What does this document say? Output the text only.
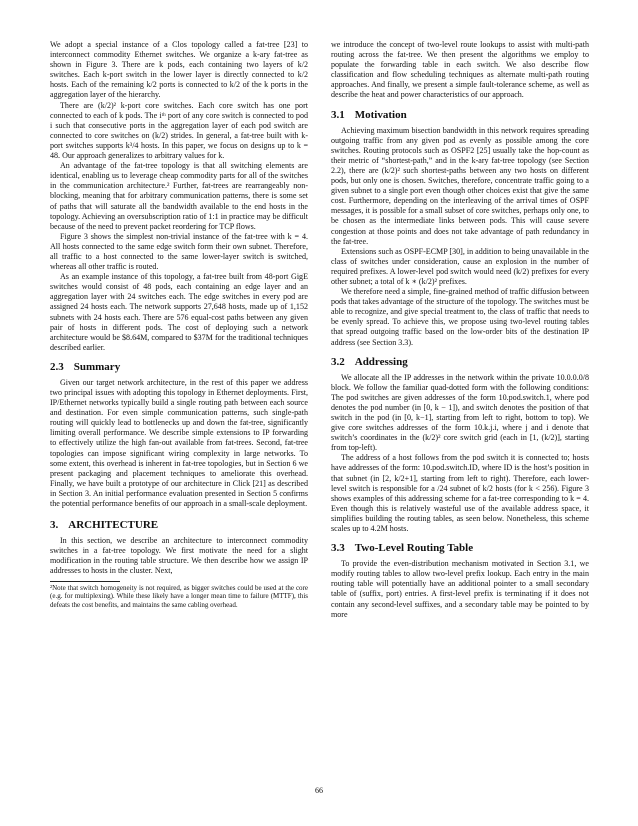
We adopt a special instance of a Clos topology called a fat-tree [23] to interconnect commodity Ethernet switches. We organize a k-ary fat-tree as shown in Figure 3. There are k pods, each containing two layers of k/2 switches. Each k-port switch in the lower layer is directly connected to k/2 hosts. Each of the remaining k/2 ports is connected to k/2 of the k ports in the aggregation layer of the hierarchy.

There are (k/2)² k-port core switches. Each core switch has one port connected to each of k pods. The iᵗʰ port of any core switch is connected to pod i such that consecutive ports in the aggregation layer of each pod switch are connected to core switches on (k/2) strides. In general, a fat-tree built with k-port switches supports k³/4 hosts. In this paper, we focus on designs up to k = 48. Our approach generalizes to arbitrary values for k.

An advantage of the fat-tree topology is that all switching elements are identical, enabling us to leverage cheap commodity parts for all of the switches in the communication architecture.² Further, fat-trees are rearrangeably non-blocking, meaning that for arbitrary communication patterns, there is some set of paths that will saturate all the bandwidth available to the end hosts in the topology. Achieving an oversubscription ratio of 1:1 in practice may be difficult because of the need to prevent packet reordering for TCP flows.

Figure 3 shows the simplest non-trivial instance of the fat-tree with k = 4. All hosts connected to the same edge switch form their own subnet. Therefore, all traffic to a host connected to the same lower-layer switch is switched, whereas all other traffic is routed.

As an example instance of this topology, a fat-tree built from 48-port GigE switches would consist of 48 pods, each containing an edge layer and an aggregation layer with 24 switches each. The edge switches in every pod are assigned 24 hosts each. The network supports 27,648 hosts, made up of 1,152 subnets with 24 hosts each. There are 576 equal-cost paths between any given pair of hosts in different pods. The cost of deploying such a network architecture would be $8.64M, compared to $37M for the traditional techniques described earlier.

2.3 Summary

Given our target network architecture, in the rest of this paper we address two principal issues with adopting this topology in Ethernet deployments. First, IP/Ethernet networks typically build a single routing path between each source and destination. For even simple communication patterns, such single-path routing will quickly lead to bottlenecks up and down the fat-tree, significantly limiting overall performance. We describe simple extensions to IP forwarding to effectively utilize the high fan-out available from fat-trees. Second, fat-tree topologies can impose significant wiring complexity in large networks. To some extent, this overhead is inherent in fat-tree topologies, but in Section 6 we present packaging and placement techniques to ameliorate this overhead. Finally, we have built a prototype of our architecture in Click [21] as described in Section 3. An initial performance evaluation presented in Section 5 confirms the potential performance benefits of our approach in a small-scale deployment.

3. ARCHITECTURE

In this section, we describe an architecture to interconnect commodity switches in a fat-tree topology. We first motivate the need for a slight modification in the routing table structure. We then describe how we assign IP addresses to hosts in the cluster. Next,

²Note that switch homogeneity is not required, as bigger switches could be used at the core (e.g. for multiplexing). While these likely have a longer mean time to failure (MTTF), this defeats the cost benefits, and maintains the same cabling overhead.

we introduce the concept of two-level route lookups to assist with multi-path routing across the fat-tree. We then present the algorithms we employ to populate the forwarding table in each switch. We also describe flow classification and flow scheduling techniques as alternate multi-path routing approaches. And finally, we present a simple fault-tolerance scheme, as well as describe the heat and power characteristics of our approach.

3.1 Motivation

Achieving maximum bisection bandwidth in this network requires spreading outgoing traffic from any given pod as evenly as possible among the core switches. Routing protocols such as OSPF2 [25] usually take the hop-count as their metric of “shortest-path,” and in the k-ary fat-tree topology (see Section 2.2), there are (k/2)² such shortest-paths between any two hosts on different pods, but only one is chosen. Switches, therefore, concentrate traffic going to a given subnet to a single port even though other choices exist that give the same cost. Furthermore, depending on the interleaving of the arrival times of OSPF messages, it is possible for a small subset of core switches, perhaps only one, to be chosen as the intermediate links between pods. This will cause severe congestion at those points and does not take advantage of path redundancy in the fat-tree.

Extensions such as OSPF-ECMP [30], in addition to being unavailable in the class of switches under consideration, cause an explosion in the number of required prefixes. A lower-level pod switch would need (k/2) prefixes for every other subnet; a total of k ∗ (k/2)² prefixes.

We therefore need a simple, fine-grained method of traffic diffusion between pods that takes advantage of the structure of the topology. The switches must be able to recognize, and give special treatment to, the class of traffic that needs to be evenly spread. To achieve this, we propose using two-level routing tables that spread outgoing traffic based on the low-order bits of the destination IP address (see Section 3.3).

3.2 Addressing

We allocate all the IP addresses in the network within the private 10.0.0.0/8 block. We follow the familiar quad-dotted form with the following conditions: The pod switches are given addresses of the form 10.pod.switch.1, where pod denotes the pod number (in [0, k − 1]), and switch denotes the position of that switch in the pod (in [0, k−1], starting from left to right, bottom to top). We give core switches addresses of the form 10.k.j.i, where j and i denote that switch’s coordinates in the (k/2)² core switch grid (each in [1, (k/2)], starting from top-left).

The address of a host follows from the pod switch it is connected to; hosts have addresses of the form: 10.pod.switch.ID, where ID is the host’s position in that subnet (in [2, k/2+1], starting from left to right). Therefore, each lower-level switch is responsible for a /24 subnet of k/2 hosts (for k < 256). Figure 3 shows examples of this addressing scheme for a fat-tree corresponding to k = 4. Even though this is relatively wasteful use of the available address space, it simplifies building the routing tables, as seen below. Nonetheless, this scheme scales up to 4.2M hosts.

3.3 Two-Level Routing Table

To provide the even-distribution mechanism motivated in Section 3.1, we modify routing tables to allow two-level prefix lookup. Each entry in the main routing table will potentially have an additional pointer to a small secondary table of (suffix, port) entries. A first-level prefix is terminating if it does not contain any second-level suffixes, and a secondary table may be pointed to by more

66
